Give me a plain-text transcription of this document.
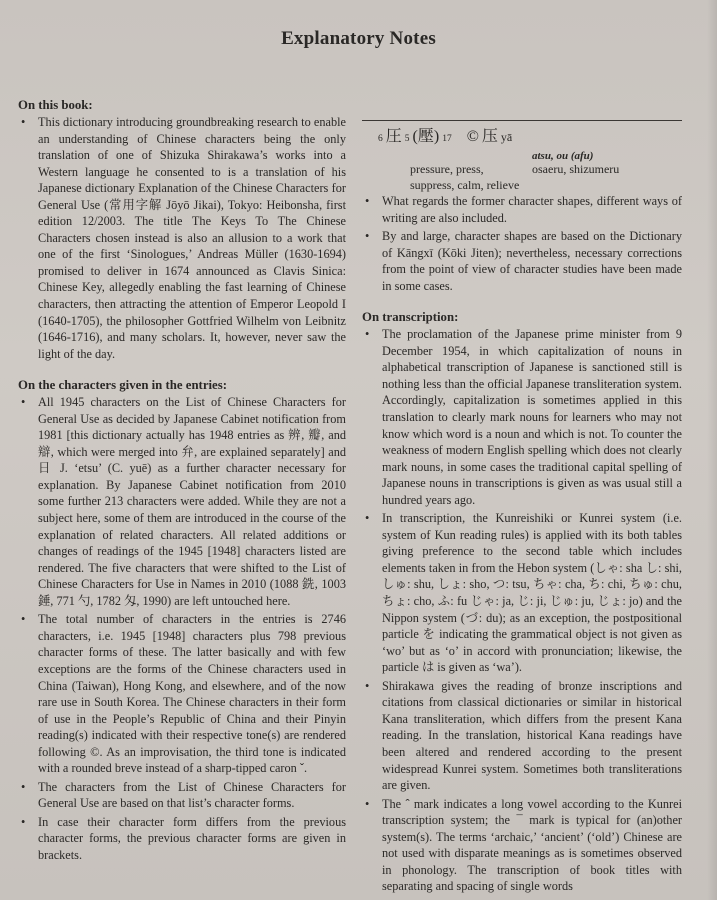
Explanatory Notes
On this book:
• This dictionary introducing groundbreaking research to enable an understanding of Chinese characters being the only translation of one of Shizuka Shirakawa’s works into a Western language he consented to is a translation of his Japanese dictionary Explanation of the Chinese Characters for General Use (常用字解 Jōyō Jikai), Tokyo: Heibonsha, first edition 12/2003. The title The Keys To The Chinese Characters chosen instead is also an allusion to a work that one of the first ‘Sinologues,’ Andreas Müller (1630-1694) promised to deliver in 1674 announced as Clavis Sinica: Chinese Key, allegedly enabling the fast learning of Chinese characters, then attracting the attention of Emperor Leopold I (1640-1705), the philosopher Gottfried Wilhelm von Leibnitz (1646-1716), and many scholars. It, however, never saw the light of the day.
On the characters given in the entries:
• All 1945 characters on the List of Chinese Characters for General Use as decided by Japanese Cabinet notification from 1981 [this dictionary actually has 1948 entries as 辨, 瓣, and 辯, which were merged into 弁, are explained separately] and 日 J. ‘etsu’ (C. yuē) as a further character necessary for explanation. By Japanese Cabinet notification from 2010 some further 213 characters were added. While they are not a subject here, some of them are introduced in the course of the explanation of related characters. All related additions or changes of readings of the 1945 [1948] characters listed are rendered. The five characters that were shifted to the List of Chinese Characters for Use in Names in 2010 (1088 銑, 1003 錘, 771 勺, 1782 匁, 1990) are left untouched here.
• The total number of characters in the entries is 2746 characters, i.e. 1945 [1948] characters plus 798 previous character forms of these. The latter basically and with few exceptions are the forms of the Chinese characters used in China (Taiwan), Hong Kong, and elsewhere, and of the now rare use in South Korea. The Chinese characters in their form of use in the People’s Republic of China and their Pinyin reading(s) indicated with their respective tone(s) are rendered following ©. As an improvisation, the third tone is indicated with a rounded breve instead of a sharp-tipped caron ˇ.
• The characters from the List of Chinese Characters for General Use are based on that list’s character forms.
• In case their character form differs from the previous character forms, the previous character forms are given in brackets.
6 圧 5 (壓) 17 © 压 yā
atsu, ou (afu)
pressure, press,
suppress, calm, relieve
osaeru, shizumeru
• What regards the former character shapes, different ways of writing are also included.
• By and large, character shapes are based on the Dictionary of Kāngxī (Kōki Jiten); nevertheless, necessary corrections from the point of view of character studies have been made in some cases.
On transcription:
• The proclamation of the Japanese prime minister from 9 December 1954, in which capitalization of nouns in alphabetical transcription of Japanese is sanctioned still is nothing less than the official Japanese transliteration system. Accordingly, capitalization is sometimes applied in this translation to clearly mark nouns for learners who may not know which word is a noun and which is not. To counter the weakness of modern English spelling which does not clearly mark nouns, in some cases the traditional capital spelling of Japanese nouns in transcriptions is given as was usual still a hundred years ago.
• In transcription, the Kunreishiki or Kunrei system (i.e. system of Kun reading rules) is applied with its both tables giving preference to the second table which includes elements taken in from the Hebon system (しゃ: sha し: shi, しゅ: shu, しょ: sho, つ: tsu, ちゃ: cha, ち: chi, ちゅ: chu, ちょ: cho, ふ: fu じゃ: ja, じ: ji, じゅ: ju, じょ: jo) and the Nippon system (づ: du); as an exception, the postpositional particle を indicating the grammatical object is not given as ‘wo’ but as ‘o’ in accord with pronunciation; likewise, the particle は is given as ‘wa’).
• Shirakawa gives the reading of bronze inscriptions and citations from classical dictionaries or similar in historical Kana transliteration, which differs from the present Kana reading. In the translation, historical Kana readings have been altered and rendered according to the present widespread Kunrei system. Sometimes both transliterations are given.
• The ˆ mark indicates a long vowel according to the Kunrei transcription system; the ¯ mark is typical for (an)other system(s). The terms ‘archaic,’ ‘ancient’ (‘old’) Chinese are not used with disparate meanings as is sometimes observed in phonology. The transcription of book titles with separating and spacing of single words
